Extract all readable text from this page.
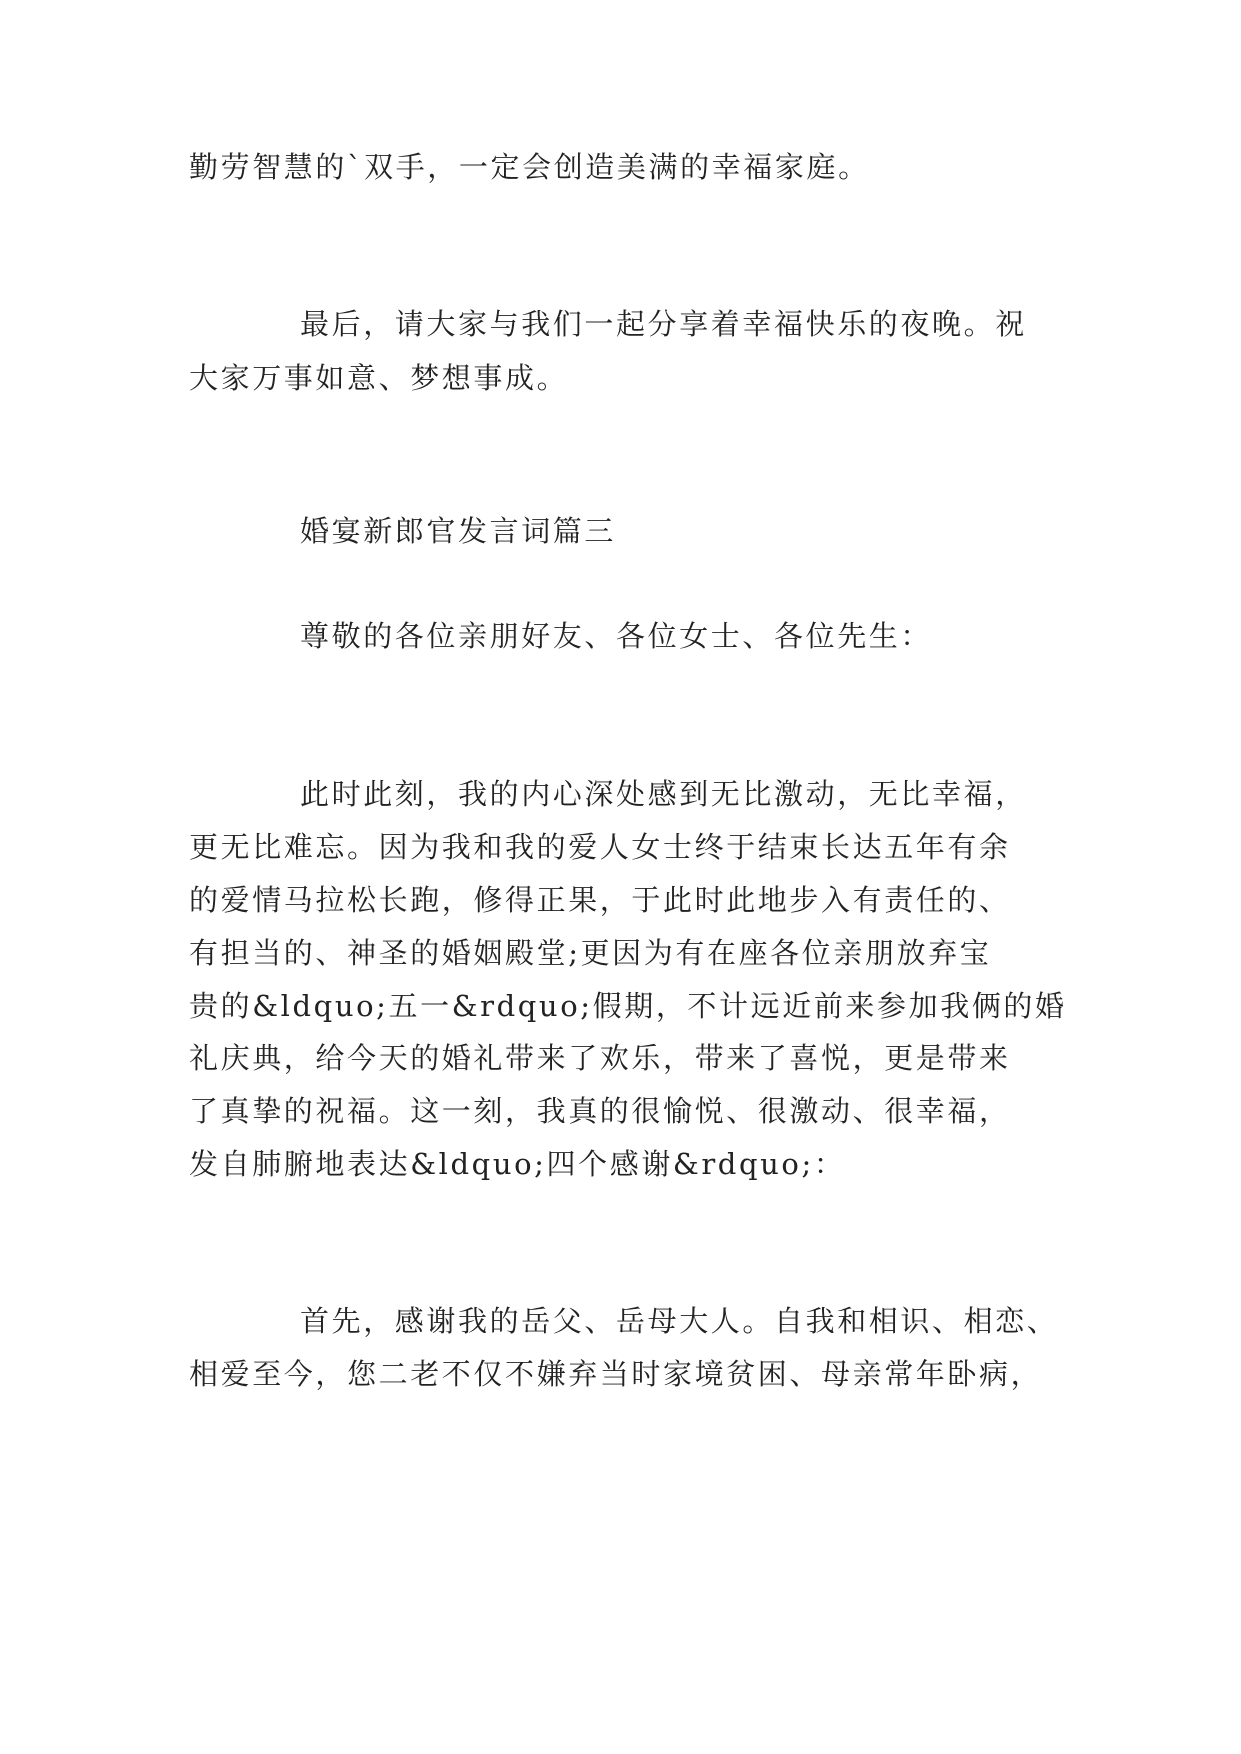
勤劳智慧的`双手，一定会创造美满的幸福家庭。
最后，请大家与我们一起分享着幸福快乐的夜晚。祝
大家万事如意、梦想事成。
婚宴新郎官发言词篇三
尊敬的各位亲朋好友、各位女士、各位先生：
此时此刻，我的内心深处感到无比激动，无比幸福，
更无比难忘。因为我和我的爱人女士终于结束长达五年有余
的爱情马拉松长跑，修得正果，于此时此地步入有责任的、
有担当的、神圣的婚姻殿堂;更因为有在座各位亲朋放弃宝
贵的&ldquo;五一&rdquo;假期，不计远近前来参加我俩的婚
礼庆典，给今天的婚礼带来了欢乐，带来了喜悦，更是带来
了真挚的祝福。这一刻，我真的很愉悦、很激动、很幸福，
发自肺腑地表达&ldquo;四个感谢&rdquo;：
首先，感谢我的岳父、岳母大人。自我和相识、相恋、
相爱至今，您二老不仅不嫌弃当时家境贫困、母亲常年卧病，
